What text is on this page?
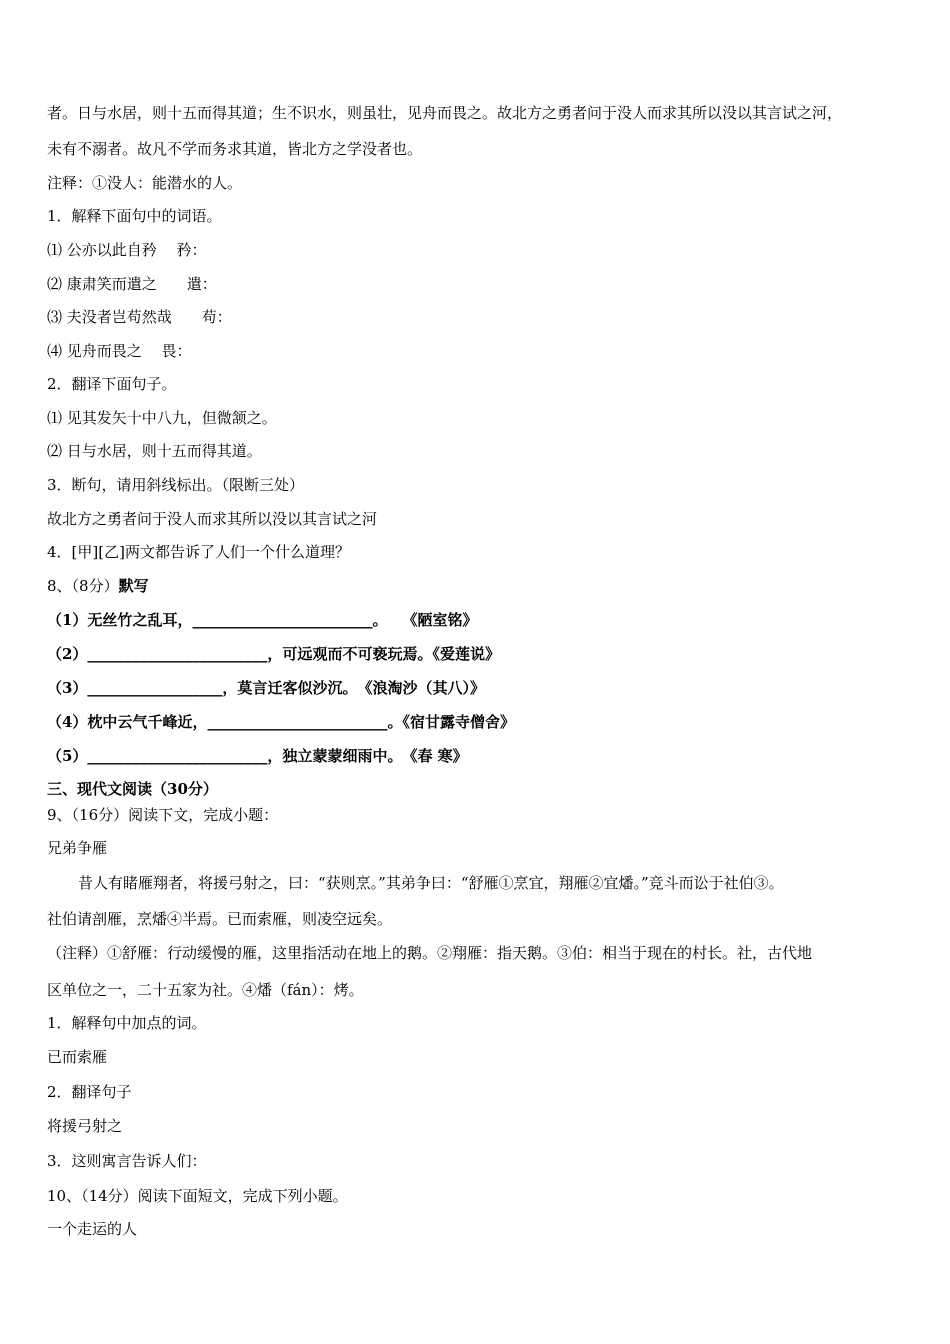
者。日与水居，则十五而得其道；生不识水，则虽壮，见舟而畏之。故北方之勇者问于没人而求其所以没以其言试之河，
未有不溺者。故凡不学而务求其道，皆北方之学没者也。
注释：①没人：能潜水的人。
1．解释下面句中的词语。
⑴ 公亦以此自矜　 矜：
⑵ 康肃笑而遣之　　遣：
⑶ 夫没者岂苟然哉　　苟：
⑷ 见舟而畏之　 畏：
2．翻译下面句子。
⑴ 见其发矢十中八九，但微颔之。
⑵ 日与水居，则十五而得其道。
3．断句，请用斜线标出。（限断三处）
故北方之勇者问于没人而求其所以没以其言试之河
4．[甲][乙]两文都告诉了人们一个什么道理？
8、（8分）默写
（1）无丝竹之乱耳，________________________。　　《陋室铭》
（2）________________________，可远观而不可亵玩焉。《爱莲说》
（3）__________________，莫言迁客似沙沉。　《浪淘沙（其八）》
（4）枕中云气千峰近，________________________。《宿甘露寺僧舍》
（5）________________________，独立蒙蒙细雨中。　《春 寒》
三、现代文阅读（30分）
9、（16分）阅读下文，完成小题：
兄弟争雁
昔人有睹雁翔者，将援弓射之，曰：“获则烹。”其弟争曰：“舒雁①烹宜，翔雁②宜燔。”竞斗而讼于社伯③。
社伯请剖雁，烹燔④半焉。已而索雁，则凌空远矣。
（注释）①舒雁：行动缓慢的雁，这里指活动在地上的鹅。②翔雁：指天鹅。③伯：相当于现在的村长。社，古代地
区单位之一，二十五家为社。④燔（fán）：烤。
1．解释句中加点的词。
已而索雁
2．翻译句子
将援弓射之
3．这则寓言告诉人们：
10、（14分）阅读下面短文，完成下列小题。
一个走运的人
